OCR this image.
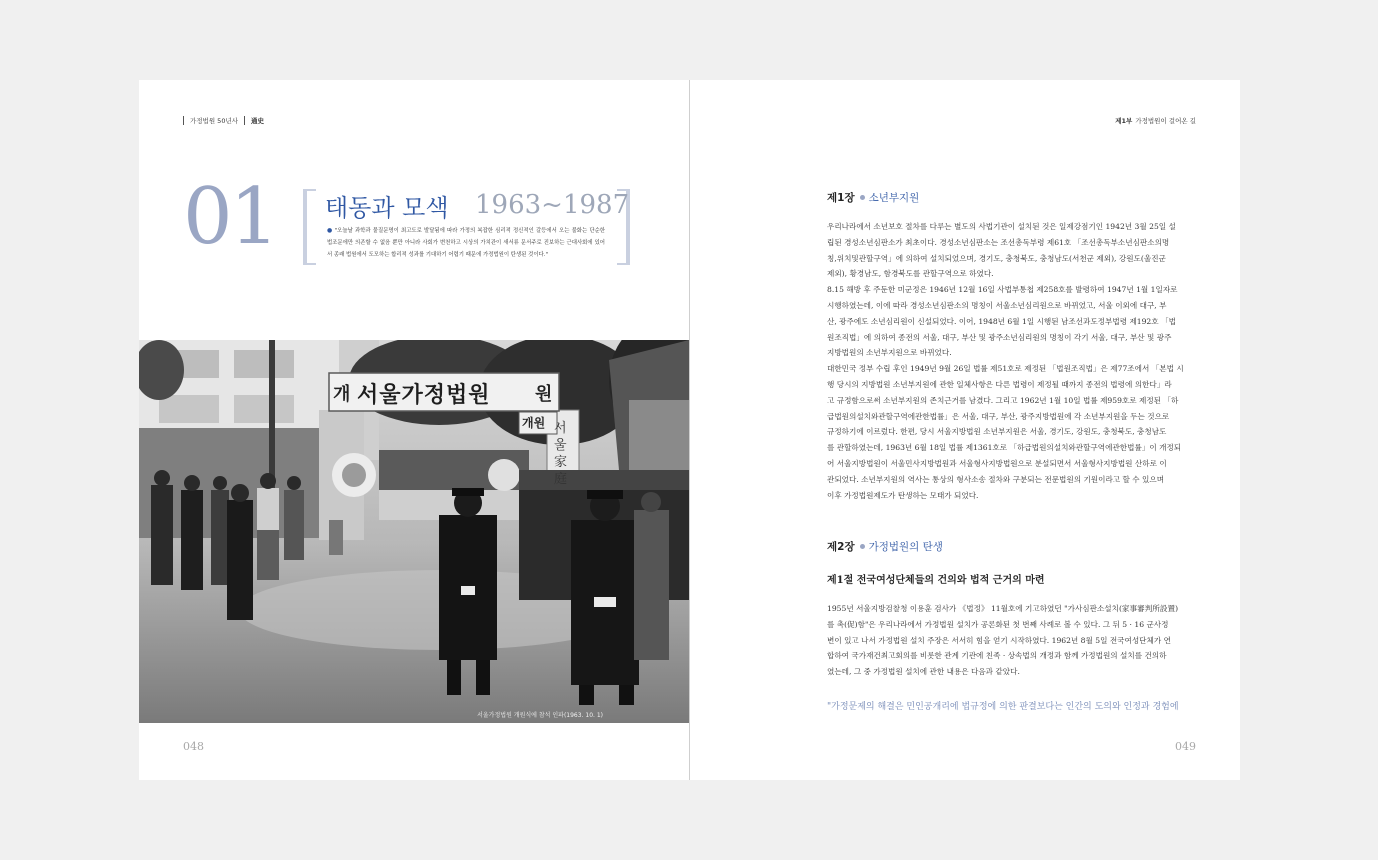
가정법원 50년사 通史
01 태동과 모색 1963~1987
● "오늘날 과학과 물질문명이 최고도로 발달됨에 따라 가정의 복잡한 심리적 정신적인 갈등에서 오는 불화는 단순한 법조문에만 의존할 수 없음 뿐만 아니라 사회가 변천하고 시상의 가치관이 새서류 문서주로 진보하는 근대사회에 있어서 종래 법원에서 도모하는 합리적 성과를 기대하기 어렵기 때문에 가정법원이 탄생된 것이다."
개 서울가정법원 원
개원 서울家庭
서울가정법원 개원식에 참석 인파(1963. 10. 1)
048
제1부 가정법원이 걸어온 길
제1장 소년부지원
우리나라에서 소년보호 절차를 다루는 별도의 사법기관이 설치된 것은 일제강점기인 1942년 3월 25일 설
립된 경성소년심판소가 최초이다. 경성소년심판소는 조선총독부령 제61호 「조선총독부소년심판소의명
칭,위치및관할구역」에 의하여 설치되었으며, 경기도, 충청북도, 충청남도(서천군 제외), 강원도(울진군
제외), 황경남도, 함경북도를 관할구역으로 하였다.
8.15 해방 후 주둔한 미군정은 1946년 12월 16일 사법부통첩 제258호를 발령하여 1947년 1월 1일자로
시행하였는데, 이에 따라 경성소년심판소의 명칭이 서울소년심리원으로 바뀌었고, 서울 이외에 대구, 부
산, 광주에도 소년심리원이 신설되었다. 이어, 1948년 6월 1일 시행된 남조선과도정부법령 제192호 「법
원조직법」에 의하여 종전의 서울, 대구, 부산 및 광주소년심리원의 명칭이 각기 서울, 대구, 부산 및 광주
지방법원의 소년부지원으로 바뀌었다.
대한민국 정부 수립 후인 1949년 9월 26일 법률 제51호로 제정된 「법원조직법」은 제77조에서 「본법 시
행 당시의 지방법원 소년부지원에 관한 일체사항은 다른 법령이 제정될 때까지 종전의 법령에 의한다」라
고 규정함으로써 소년부지원의 존치근거를 남겼다. 그리고 1962년 1월 10일 법률 제959호로 제정된 「하
급법원의설치와관할구역에관한법률」은 서울, 대구, 부산, 광주지방법원에 각 소년부지원을 두는 것으로
규정하기에 이르렀다. 한편, 당시 서울지방법원 소년부지원은 서울, 경기도, 강원도, 충청북도, 충청남도
를 관할하였는데, 1963년 6월 18일 법률 제1361호로 「하급법원의설치와관할구역에관한법률」이 개정되
어 서울지방법원이 서울민사지방법원과 서울형사지방법원으로 분설되면서 서울형사지방법원 산하로 이
관되었다. 소년부지원의 역사는 통상의 형사소송 절차와 구분되는 전문법원의 기원이라고 할 수 있으며
이후 가정법원제도가 탄생하는 모태가 되었다.
제2장 가정법원의 탄생
제1절 전국여성단체들의 건의와 법적 근거의 마련
1955년 서울지방검찰청 이용훈 검사가 《법정》 11월호에 기고하였던 "가사심판소설치(家事審判所設置)
를 촉(促)함"은 우리나라에서 가정법원 설치가 공론화된 첫 번째 사례로 볼 수 있다. 그 뒤 5 · 16 군사정
변이 있고 나서 가정법원 설치 주장은 서서히 힘을 얻기 시작하였다. 1962년 8월 5일 전국여성단체가 연
합하여 국가재건최고회의를 비롯한 관계 기관에 친족 · 상속법의 개정과 함께 가정법원의 설치를 건의하
였는데, 그 중 가정법원 설치에 관한 내용은 다음과 같았다.
"가정문제의 해결은 민인공개리에 법규정에 의한 판결보다는 인간의 도의와 인정과 경험에
049
